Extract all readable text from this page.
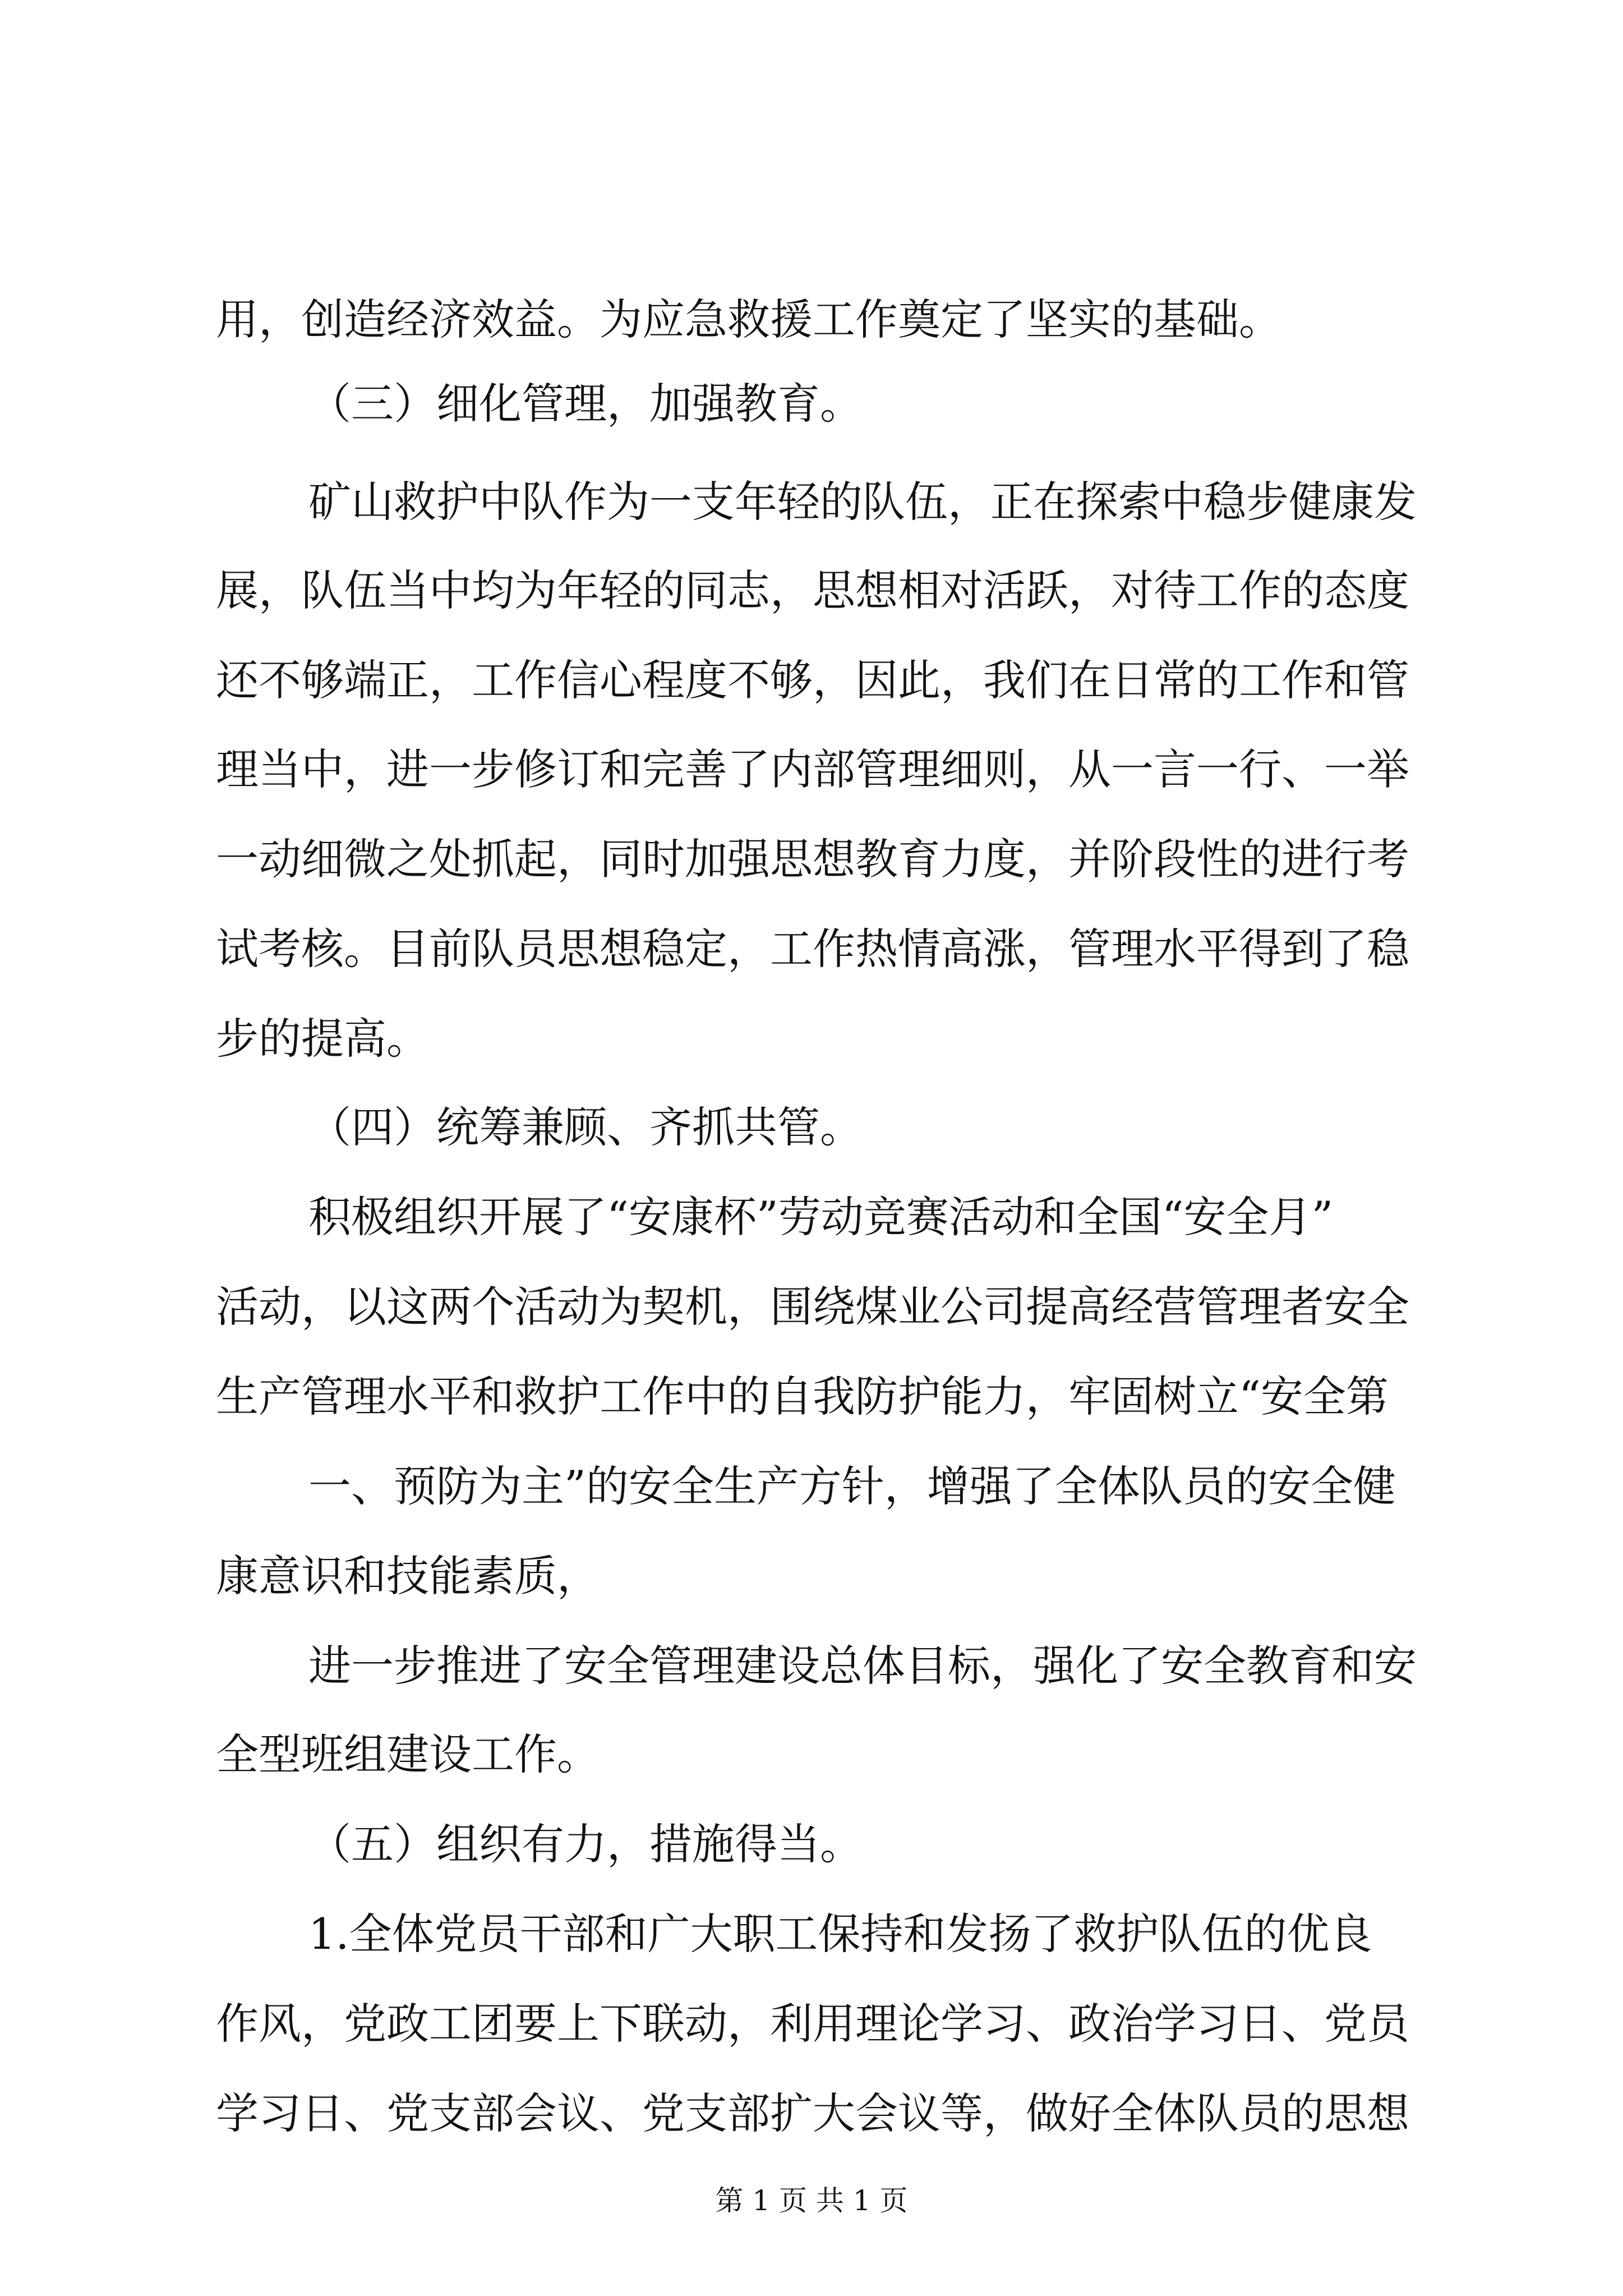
用，创造经济效益。为应急救援工作奠定了坚实的基础。
（三）细化管理，加强教育。
矿山救护中队作为一支年轻的队伍，正在探索中稳步健康发
展，队伍当中均为年轻的同志，思想相对活跃，对待工作的态度
还不够端正，工作信心程度不够，因此，我们在日常的工作和管
理当中，进一步修订和完善了内部管理细则，从一言一行、一举
一动细微之处抓起，同时加强思想教育力度，并阶段性的进行考
试考核。目前队员思想稳定，工作热情高涨，管理水平得到了稳
步的提高。
（四）统筹兼顾、齐抓共管。
积极组织开展了“安康杯”劳动竞赛活动和全国“安全月”
活动，以这两个活动为契机，围绕煤业公司提高经营管理者安全
生产管理水平和救护工作中的自我防护能力，牢固树立“安全第
一、预防为主”的安全生产方针，增强了全体队员的安全健
康意识和技能素质，
进一步推进了安全管理建设总体目标，强化了安全教育和安
全型班组建设工作。
（五）组织有力，措施得当。
1.全体党员干部和广大职工保持和发扬了救护队伍的优良
作风，党政工团要上下联动，利用理论学习、政治学习日、党员
学习日、党支部会议、党支部扩大会议等，做好全体队员的思想
第 1 页 共 1 页
